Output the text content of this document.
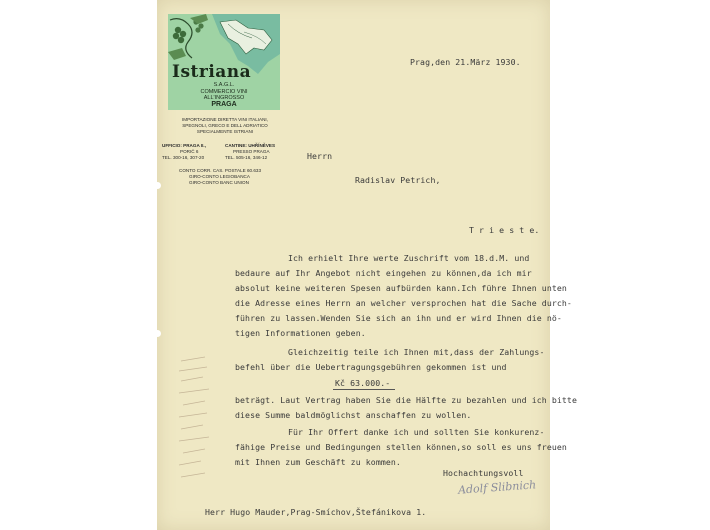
Istriana
S.A.G.L.
COMMERCIO VINI
ALL'INGROSSO
PRAGA
IMPORTAZIONE DIRETTA VINI ITALIANI,
SPEGNOLI, GRECO E DELL ADRIATICO
SPECIALMENTE ISTRIANI
UFFICIO: PRAGA II.,
PORIČ 6
TEL. 300-16, 307-20
CANTINE: UHŘÍNĚVES
PRESSO PRAGA
TEL. 505-16, 346-12
CONTO CORR. CAS. POSTALE 60.633
GIRO-CONTO LEGIOBANCA
GIRO-CONTO BANC UNION
Prag,den 21.März 1930.
Herrn
Radislav Petrich,
T r i e s t e.
Ich erhielt Ihre werte Zuschrift vom 18.d.M. und
bedaure auf Ihr Angebot nicht eingehen zu können,da ich mir
absolut keine weiteren Spesen aufbürden kann.Ich führe Ihnen unten
die Adresse eines Herrn an welcher versprochen hat die Sache durch-
führen zu lassen.Wenden Sie sich an ihn und er wird Ihnen die nö-
tigen Informationen geben.
Gleichzeitig teile ich Ihnen mit,dass der Zahlungs-
befehl über die Uebertragungsgebühren gekommen ist und
Kč 63.000.-
beträgt. Laut Vertrag haben Sie die Hälfte zu bezahlen und ich bitte
diese Summe baldmöglichst anschaffen zu wollen.
Für Ihr Offert danke ich und sollten Sie konkurenz-
fähige Preise und Bedingungen stellen können,so soll es uns freuen
mit Ihnen zum Geschäft zu kommen.
Hochachtungsvoll
Adolf Slibnich
Herr Hugo Mauder,Prag-Smíchov,Štefánikova 1.
